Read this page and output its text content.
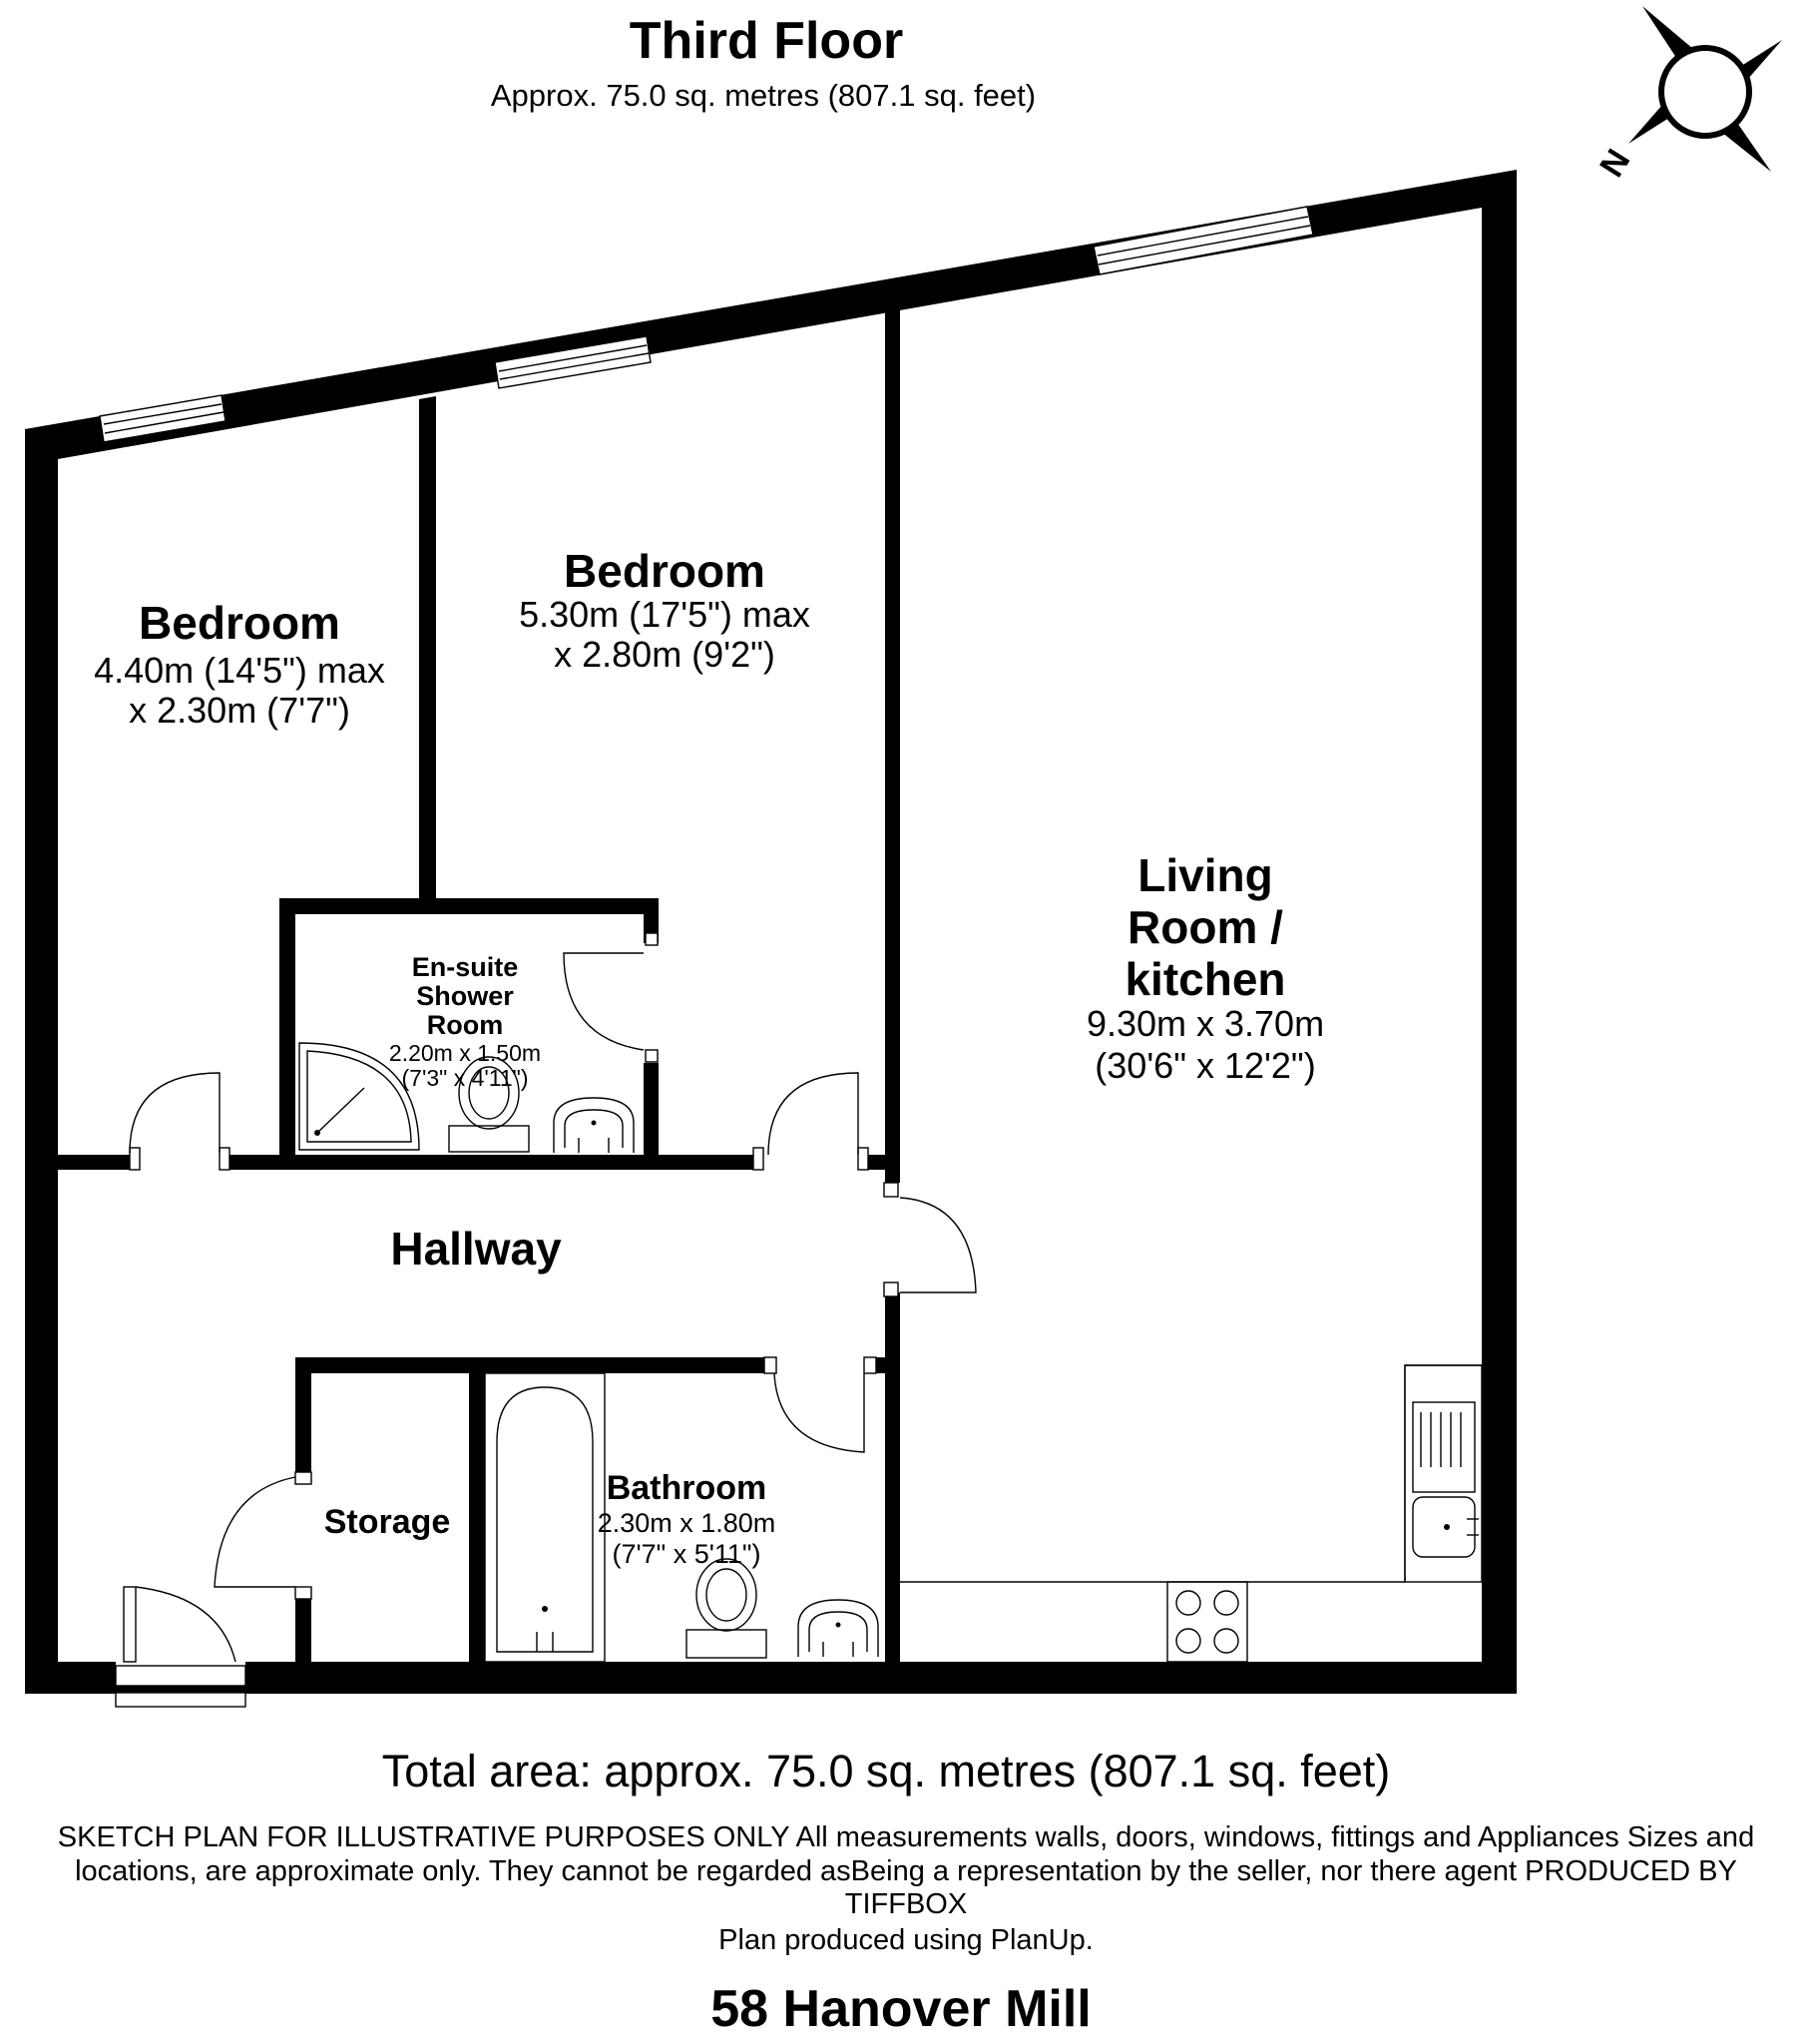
Third Floor
Approx. 75.0 sq. metres (807.1 sq. feet)
N
Bedroom
4.40m (14'5") max
x 2.30m (7'7")
Bedroom
5.30m (17'5") max
x 2.80m (9'2")
En-suite
Shower
Room
2.20m x 1.50m
(7'3" x 4'11")
Living
Room /
kitchen
9.30m x 3.70m
(30'6" x 12'2")
Hallway
Storage
Bathroom
2.30m x 1.80m
(7'7" x 5'11")
Total area: approx. 75.0 sq. metres (807.1 sq. feet)
SKETCH PLAN FOR ILLUSTRATIVE PURPOSES ONLY All measurements walls, doors, windows, fittings and Appliances Sizes and
locations, are approximate only. They cannot be regarded asBeing a representation by the seller, nor there agent PRODUCED BY
TIFFBOX
Plan produced using PlanUp.
58 Hanover Mill
